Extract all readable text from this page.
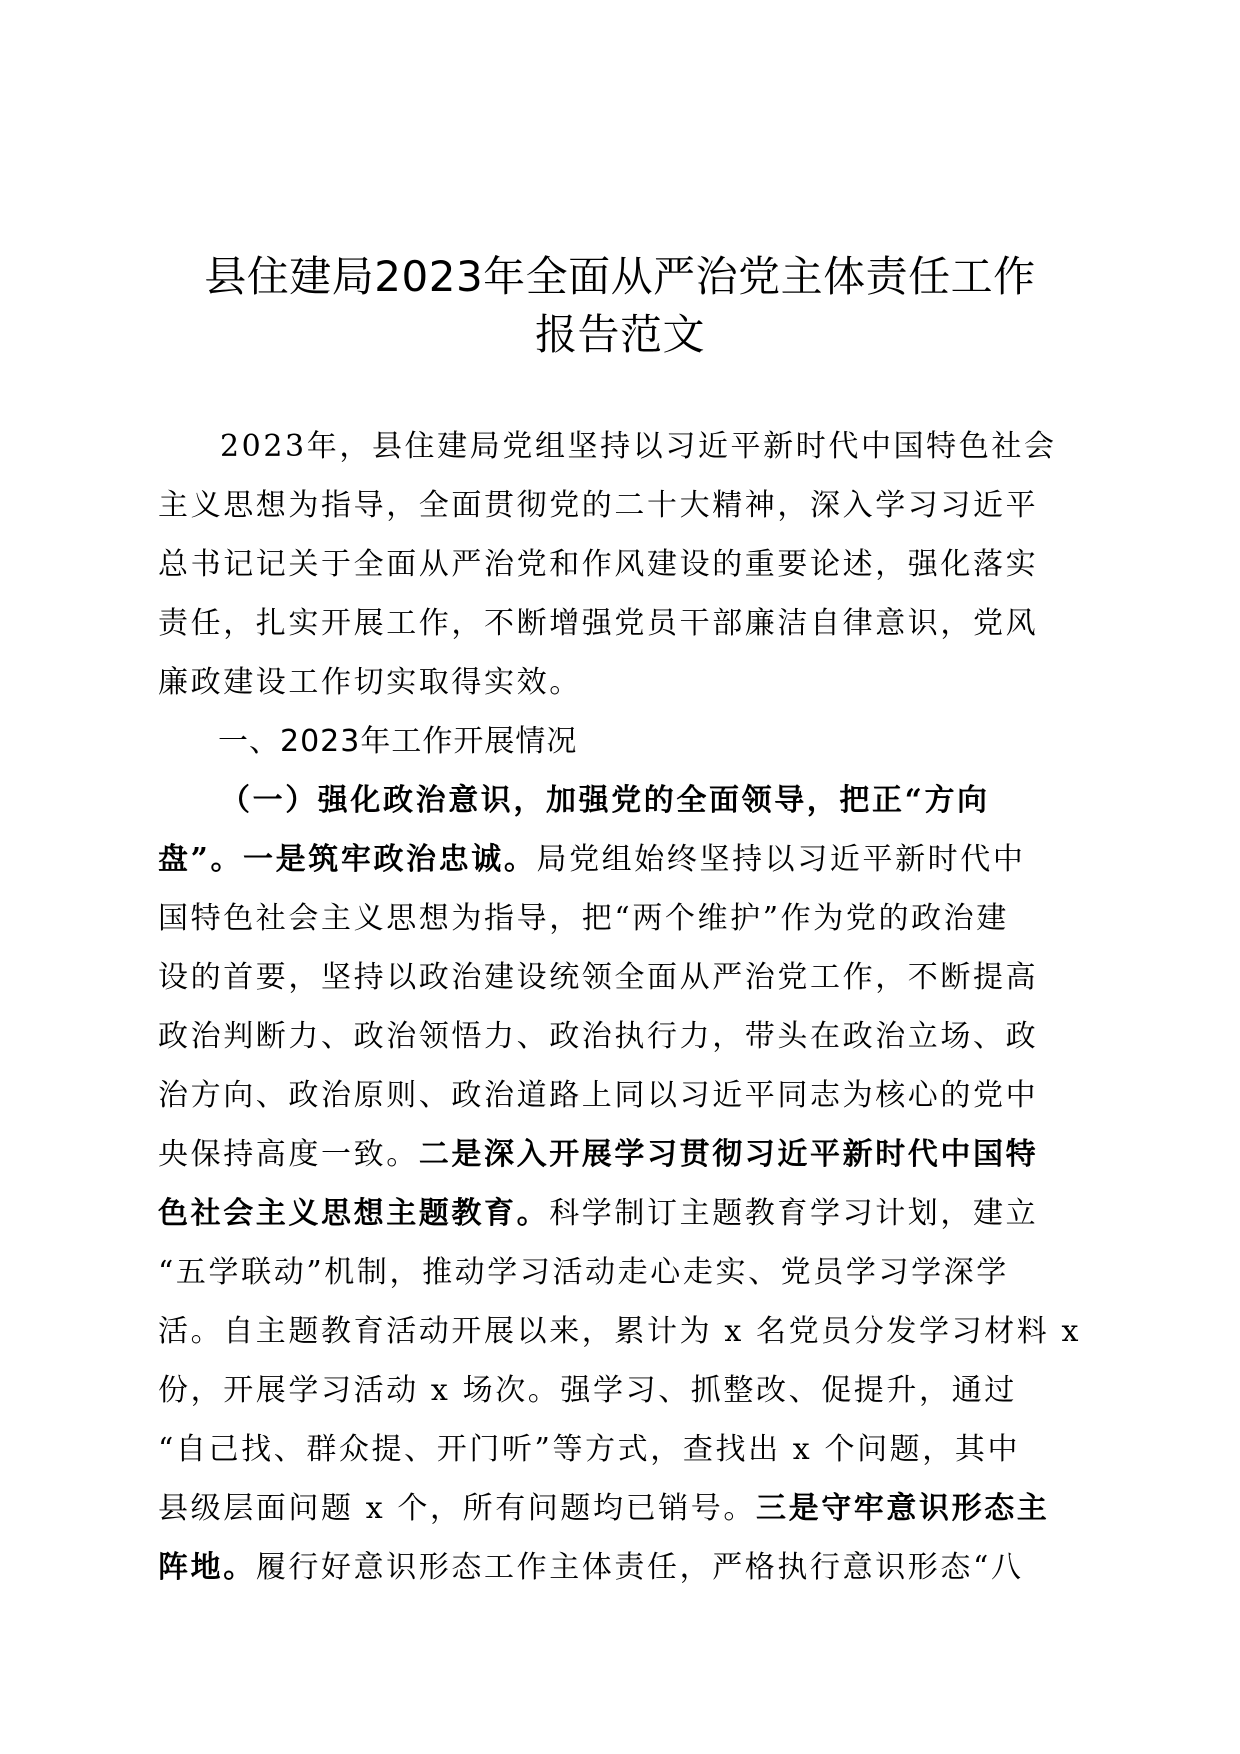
县住建局2023年全面从严治党主体责任工作
报告范文
2023年，县住建局党组坚持以习近平新时代中国特色社会
主义思想为指导，全面贯彻党的二十大精神，深入学习习近平
总书记记关于全面从严治党和作风建设的重要论述，强化落实
责任，扎实开展工作，不断增强党员干部廉洁自律意识，党风
廉政建设工作切实取得实效。
一、2023年工作开展情况
（一）强化政治意识，加强党的全面领导，把正“方向
盘”。一是筑牢政治忠诚。局党组始终坚持以习近平新时代中
国特色社会主义思想为指导，把“两个维护”作为党的政治建
设的首要，坚持以政治建设统领全面从严治党工作，不断提高
政治判断力、政治领悟力、政治执行力，带头在政治立场、政
治方向、政治原则、政治道路上同以习近平同志为核心的党中
央保持高度一致。二是深入开展学习贯彻习近平新时代中国特
色社会主义思想主题教育。科学制订主题教育学习计划，建立
“五学联动”机制，推动学习活动走心走实、党员学习学深学
活。自主题教育活动开展以来，累计为 x 名党员分发学习材料 x
份，开展学习活动 x 场次。强学习、抓整改、促提升，通过
“自己找、群众提、开门听”等方式，查找出 x 个问题，其中
县级层面问题 x 个，所有问题均已销号。三是守牢意识形态主
阵地。履行好意识形态工作主体责任，严格执行意识形态“八
